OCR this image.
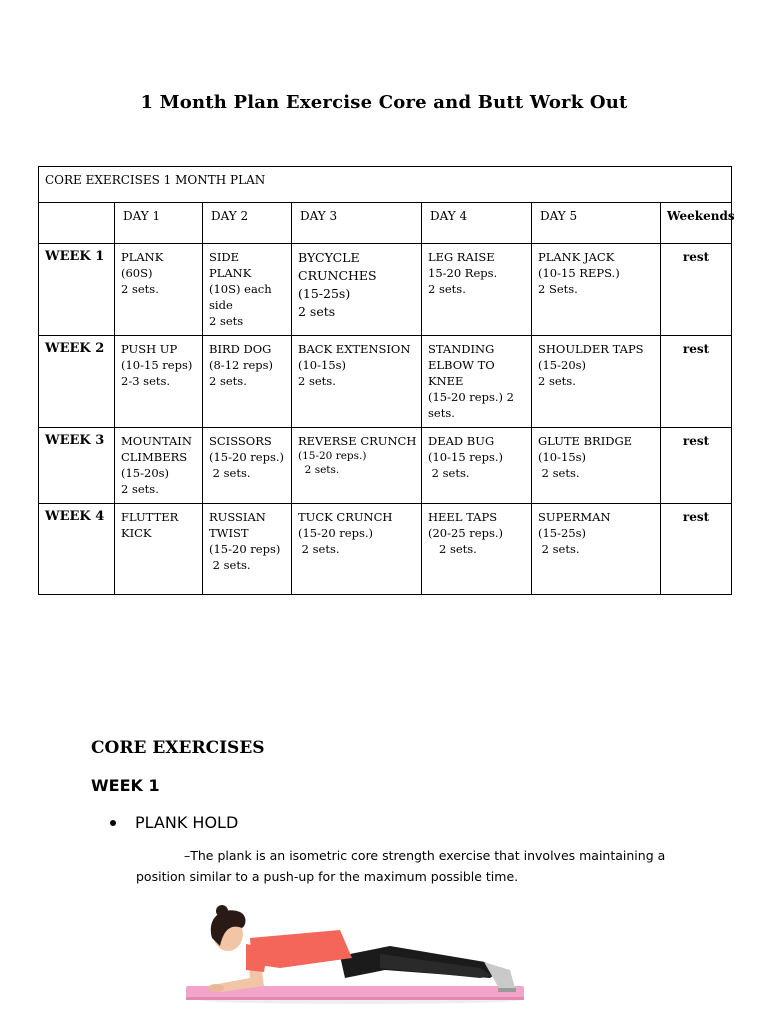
1 Month Plan Exercise Core and Butt Work Out
CORE EXERCISES 1 MONTH PLAN						
	DAY 1	DAY 2	DAY 3	DAY 4	DAY 5	Weekends
WEEK 1	PLANK
(60S)
2 sets.	SIDE
PLANK
(10S) each
side
2 sets	BYCYCLE
CRUNCHES
(15-25s)
2 sets	LEG RAISE
15-20 Reps.
2 sets.	PLANK JACK
(10-15 REPS.)
2 Sets.	rest
WEEK 2	PUSH UP
(10-15 reps)
2-3 sets.	BIRD DOG
(8-12 reps)
2 sets.	BACK EXTENSION
(10-15s)
2 sets.	STANDING
ELBOW TO
KNEE
(15-20 reps.) 2
sets.	SHOULDER TAPS
(15-20s)
2 sets.	rest
WEEK 3	MOUNTAIN
CLIMBERS
(15-20s)
2 sets.	SCISSORS
(15-20 reps.)
2 sets.	REVERSE CRUNCH
(15-20 reps.)
2 sets.	DEAD BUG
(10-15 reps.)
2 sets.	GLUTE BRIDGE
(10-15s)
2 sets.	rest
WEEK 4	FLUTTER
KICK	RUSSIAN
TWIST
(15-20 reps)
2 sets.	TUCK CRUNCH
(15-20 reps.)
2 sets.	HEEL TAPS
(20-25 reps.)
2 sets.	SUPERMAN
(15-25s)
2 sets.	rest
CORE EXERCISES
WEEK 1
PLANK HOLD
–The plank is an isometric core strength exercise that involves maintaining a position similar to a push-up for the maximum possible time.
